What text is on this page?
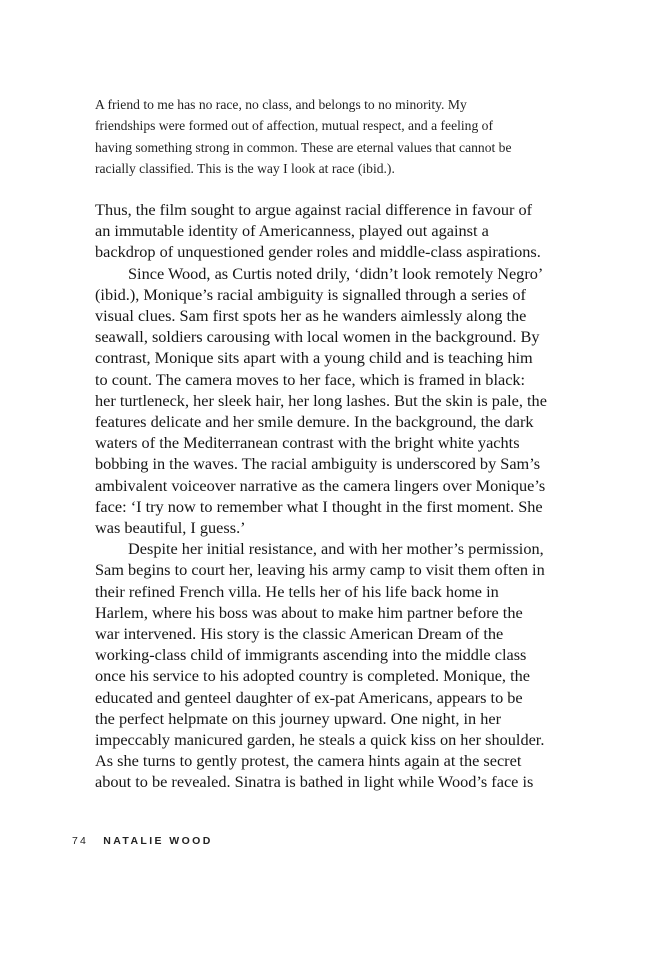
A friend to me has no race, no class, and belongs to no minority. My
friendships were formed out of affection, mutual respect, and a feeling of
having something strong in common. These are eternal values that cannot be
racially classified. This is the way I look at race (ibid.).
Thus, the film sought to argue against racial difference in favour of
an immutable identity of Americanness, played out against a
backdrop of unquestioned gender roles and middle-class aspirations.
Since Wood, as Curtis noted drily, ‘didn’t look remotely Negro’
(ibid.), Monique’s racial ambiguity is signalled through a series of
visual clues. Sam first spots her as he wanders aimlessly along the
seawall, soldiers carousing with local women in the background. By
contrast, Monique sits apart with a young child and is teaching him
to count. The camera moves to her face, which is framed in black:
her turtleneck, her sleek hair, her long lashes. But the skin is pale, the
features delicate and her smile demure. In the background, the dark
waters of the Mediterranean contrast with the bright white yachts
bobbing in the waves. The racial ambiguity is underscored by Sam’s
ambivalent voiceover narrative as the camera lingers over Monique’s
face: ‘I try now to remember what I thought in the first moment. She
was beautiful, I guess.’
Despite her initial resistance, and with her mother’s permission,
Sam begins to court her, leaving his army camp to visit them often in
their refined French villa. He tells her of his life back home in
Harlem, where his boss was about to make him partner before the
war intervened. His story is the classic American Dream of the
working-class child of immigrants ascending into the middle class
once his service to his adopted country is completed. Monique, the
educated and genteel daughter of ex-pat Americans, appears to be
the perfect helpmate on this journey upward. One night, in her
impeccably manicured garden, he steals a quick kiss on her shoulder.
As she turns to gently protest, the camera hints again at the secret
about to be revealed. Sinatra is bathed in light while Wood’s face is
74 NATALIE WOOD
